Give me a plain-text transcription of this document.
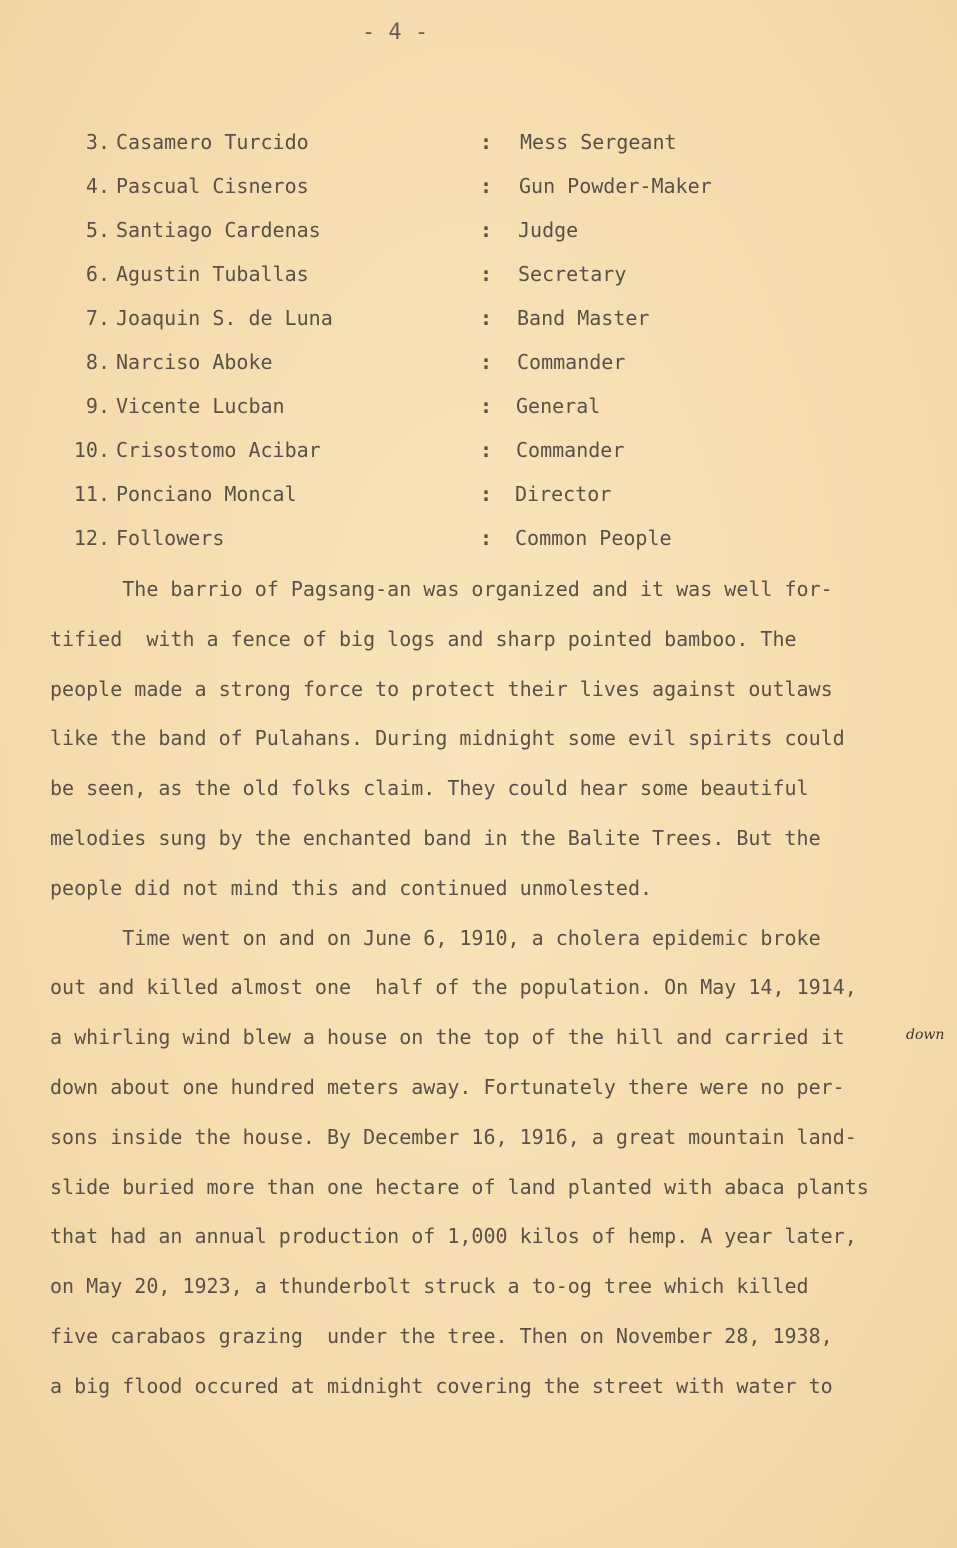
- 4 -
3. Casamero Turcido	: Mess Sergeant
4. Pascual Cisneros	: Gun Powder-Maker
5. Santiago Cardenas	: Judge
6. Agustin Tuballas	: Secretary
7. Joaquin S. de Luna	: Band Master
8. Narciso Aboke	: Commander
9. Vicente Lucban	: General
10. Crisostomo Acibar	: Commander
11. Ponciano Moncal	: Director
12. Followers	: Common People
The barrio of Pagsang-an was organized and it was well for-
tified  with a fence of big logs and sharp pointed bamboo. The
people made a strong force to protect their lives against outlaws
like the band of Pulahans. During midnight some evil spirits could
be seen, as the old folks claim. They could hear some beautiful
melodies sung by the enchanted band in the Balite Trees. But the
people did not mind this and continued unmolested.
Time went on and on June 6, 1910, a cholera epidemic broke
out and killed almost one  half of the population. On May 14, 1914,
a whirling wind blew a house on the top of the hill and carried it
down about one hundred meters away. Fortunately there were no per-
sons inside the house. By December 16, 1916, a great mountain land-
slide buried more than one hectare of land planted with abaca plants
that had an annual production of 1,000 kilos of hemp. A year later,
on May 20, 1923, a thunderbolt struck a to-og tree which killed
five carabaos grazing  under the tree. Then on November 28, 1938,
a big flood occured at midnight covering the street with water to
down
